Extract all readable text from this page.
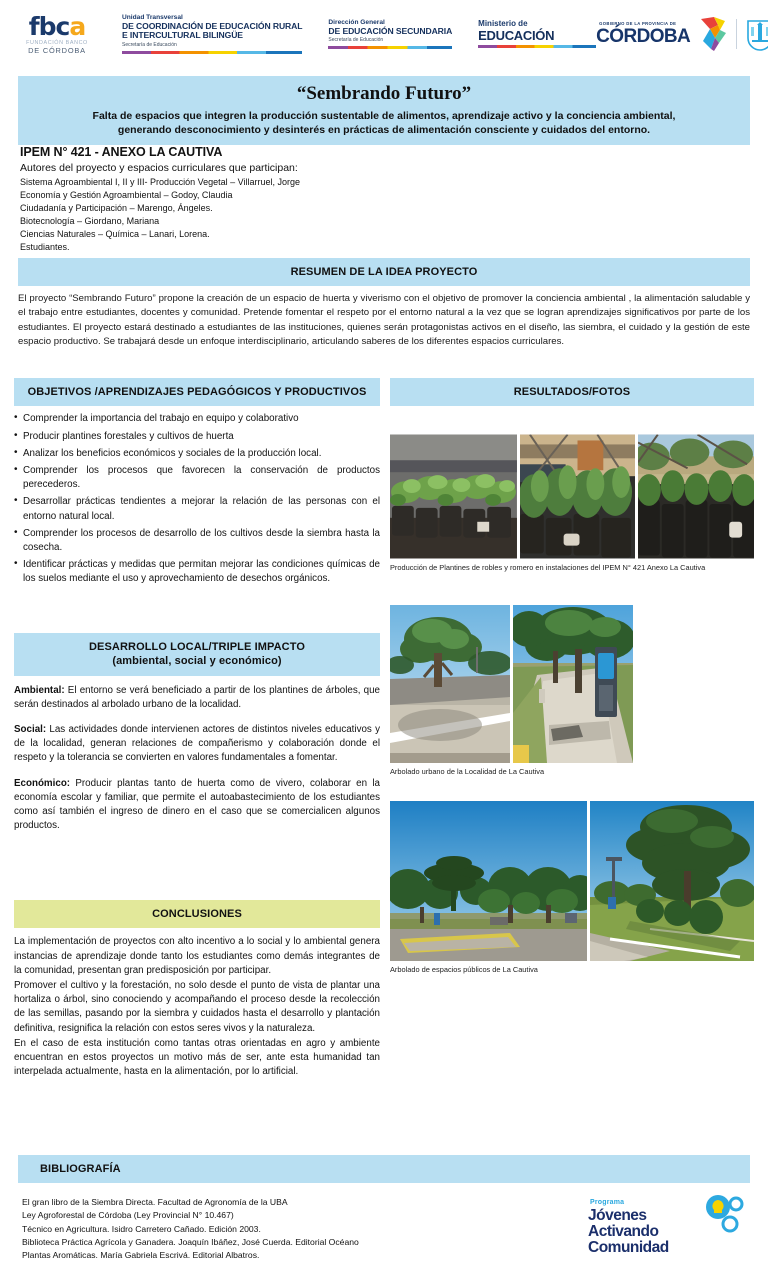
fbca
FUNDACIÓN BANCO
DE CÓRDOBA
Unidad Transversal
DE COORDINACIÓN DE EDUCACIÓN RURAL
E INTERCULTURAL BILINGÜE
Secretaría de Educación
Dirección General
DE EDUCACIÓN SECUNDARIA
Secretaría de Educación
Ministerio de
EDUCACIÓN
GOBIERNO DE LA PROVINCIA DE
CÓRDOBA
“Sembrando Futuro”
Falta de espacios que integren la producción sustentable de alimentos, aprendizaje activo y la conciencia ambiental,
generando desconocimiento y desinterés en prácticas de alimentación consciente y cuidados del entorno.
IPEM N° 421 - ANEXO LA CAUTIVA

Autores del proyecto y espacios curriculares que participan:

Sistema Agroambiental I, II y III- Producción Vegetal – Villarruel, Jorge
Economía y Gestión Agroambiental – Godoy, Claudia
Ciudadanía y Participación – Marengo, Ángeles.
Biotecnología – Giordano, Mariana
Ciencias Naturales – Química – Lanari, Lorena.
Estudiantes.
RESUMEN DE LA IDEA PROYECTO
El proyecto “Sembrando Futuro” propone la creación de un espacio de huerta y viverismo con el objetivo de promover la conciencia ambiental , la alimentación saludable y el trabajo entre estudiantes, docentes y comunidad. Pretende fomentar el respeto por el entorno natural a la vez que se logran aprendizajes significativos por parte de los estudiantes. El proyecto estará destinado a estudiantes de las instituciones, quienes serán protagonistas activos en el diseño, las siembra, el cuidado y la gestión de este espacio productivo. Se trabajará desde un enfoque interdisciplinario, articulando saberes de los diferentes espacios curriculares.
OBJETIVOS /APRENDIZAJES PEDAGÓGICOS Y PRODUCTIVOS
• Comprender la importancia del trabajo en equipo y colaborativo
• Producir plantines forestales y cultivos de huerta
• Analizar los beneficios económicos y sociales de la producción local.
• Comprender los procesos que favorecen la conservación de productos perecederos.
• Desarrollar prácticas tendientes a mejorar la relación de las personas con el entorno natural local.
• Comprender los procesos de desarrollo de los cultivos desde la siembra hasta la cosecha.
• Identificar prácticas y medidas que permitan mejorar las condiciones químicas de los suelos mediante el uso y aprovechamiento de desechos orgánicos.
DESARROLLO LOCAL/TRIPLE IMPACTO
(ambiental, social y económico)

Ambiental: El entorno se verá beneficiado a partir de los plantines de árboles, que serán destinados al arbolado urbano de la localidad.

Social: Las actividades donde intervienen actores de distintos niveles educativos y de la localidad, generan relaciones de compañerismo y colaboración donde el respeto y la tolerancia se convierten en valores fundamentales a fomentar.

Económico: Producir plantas tanto de huerta como de vivero, colaborar en la economía escolar y familiar, que permite el autoabastecimiento de los estudiantes como así también el ingreso de dinero en el caso que se comercialicen algunos productos.

CONCLUSIONES

La implementación de proyectos con alto incentivo a lo social y lo ambiental genera instancias de aprendizaje donde tanto los estudiantes como demás integrantes de la comunidad, presentan gran predisposición por participar.

Promover el cultivo y la forestación, no solo desde el punto de vista de plantar una hortaliza o árbol, sino conociendo y acompañando el proceso desde la recolección de las semillas, pasando por la siembra y cuidados hasta el desarrollo y plantación definitiva, resignifica la relación con estos seres vivos y la naturaleza.

En el caso de esta institución como tantas otras orientadas en agro y ambiente encuentran en estos proyectos un motivo más de ser, ante esta humanidad tan interpelada actualmente, hasta en la alimentación, por lo artificial.

RESULTADOS/FOTOS
Producción de Plantines de robles y romero en instalaciones del IPEM N° 421 Anexo La Cautiva
Arbolado urbano de la Localidad de La Cautiva
Arbolado de espacios públicos de La Cautiva
BIBLIOGRAFÍA
El gran libro de la Siembra Directa. Facultad de Agronomía de la UBA
Ley Agroforestal de Córdoba (Ley Provincial N° 10.467)
Técnico en Agricultura. Isidro Carretero Cañado. Edición 2003.
Biblioteca Práctica Agrícola y Ganadera. Joaquín Ibáñez, José Cuerda. Editorial Océano
Plantas Aromáticas. María Gabriela Escrivá. Editorial Albatros.
Programa
Jóvenes
Activando
Comunidad
